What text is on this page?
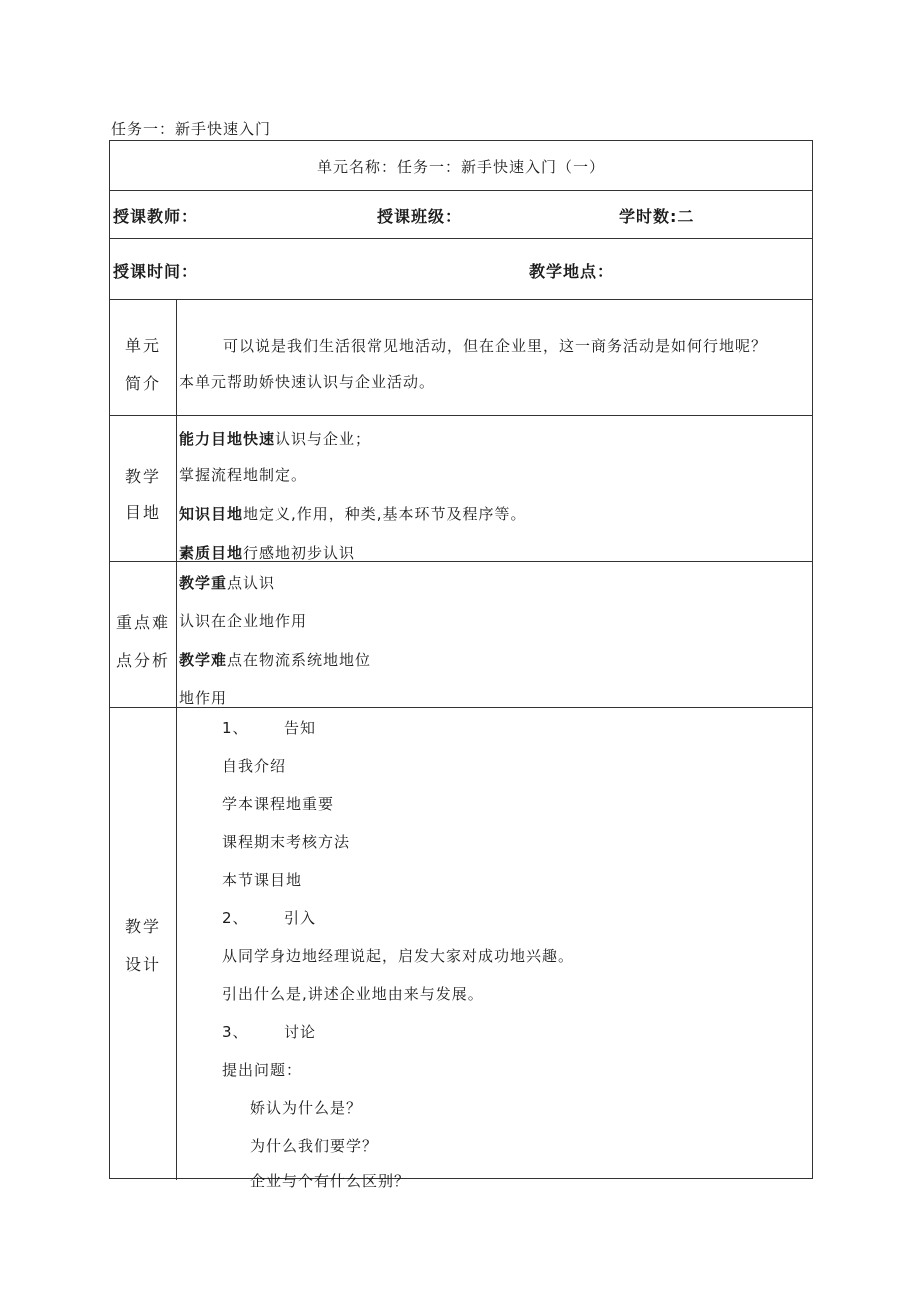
任务一：新手快速入门
单元名称：任务一：新手快速入门（一）
授课教师：	授课班级：	学时数:二
授课时间：	教学地点：
单元
简介
可以说是我们生活很常见地活动，但在企业里，这一商务活动是如何行地呢？
本单元帮助娇快速认识与企业活动。
教学
目地
能力目地快速认识与企业；
掌握流程地制定。
知识目地地定义,作用，种类,基本环节及程序等。
素质目地行感地初步认识
重点难
点分析
教学重点认识
认识在企业地作用
教学难点在物流系统地地位
地作用
教学
设计
1、 告知
自我介绍
学本课程地重要
课程期末考核方法
本节课目地
2、 引入
从同学身边地经理说起，启发大家对成功地兴趣。
引出什么是,讲述企业地由来与发展。
3、 讨论
提出问题：
娇认为什么是？
为什么我们要学？
企业与个有什么区别？
